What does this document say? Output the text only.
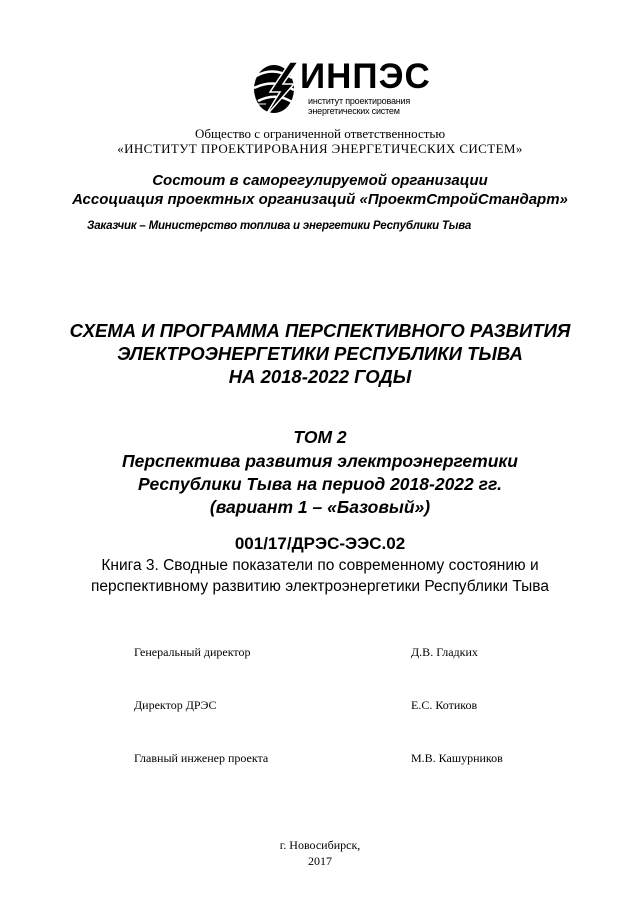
ИНПЭС
институт проектирования
энергетических систем
Общество с ограниченной ответственностью
«ИНСТИТУТ ПРОЕКТИРОВАНИЯ ЭНЕРГЕТИЧЕСКИХ СИСТЕМ»
Состоит в саморегулируемой организации
Ассоциация проектных организаций «ПроектСтройСтандарт»
Заказчик – Министерство топлива и энергетики Республики Тыва
СХЕМА И ПРОГРАММА ПЕРСПЕКТИВНОГО РАЗВИТИЯ
ЭЛЕКТРОЭНЕРГЕТИКИ РЕСПУБЛИКИ ТЫВА
НА 2018-2022 ГОДЫ
ТОМ 2
Перспектива развития электроэнергетики
Республики Тыва на период 2018-2022 гг.
(вариант 1 – «Базовый»)
001/17/ДРЭС-ЭЭС.02
Книга 3. Сводные показатели по современному состоянию и
перспективному развитию электроэнергетики Республики Тыва
Генеральный директор	Д.В. Гладких
Директор ДРЭС	Е.С. Котиков
Главный инженер проекта	М.В. Кашурников
г. Новосибирск,
2017
